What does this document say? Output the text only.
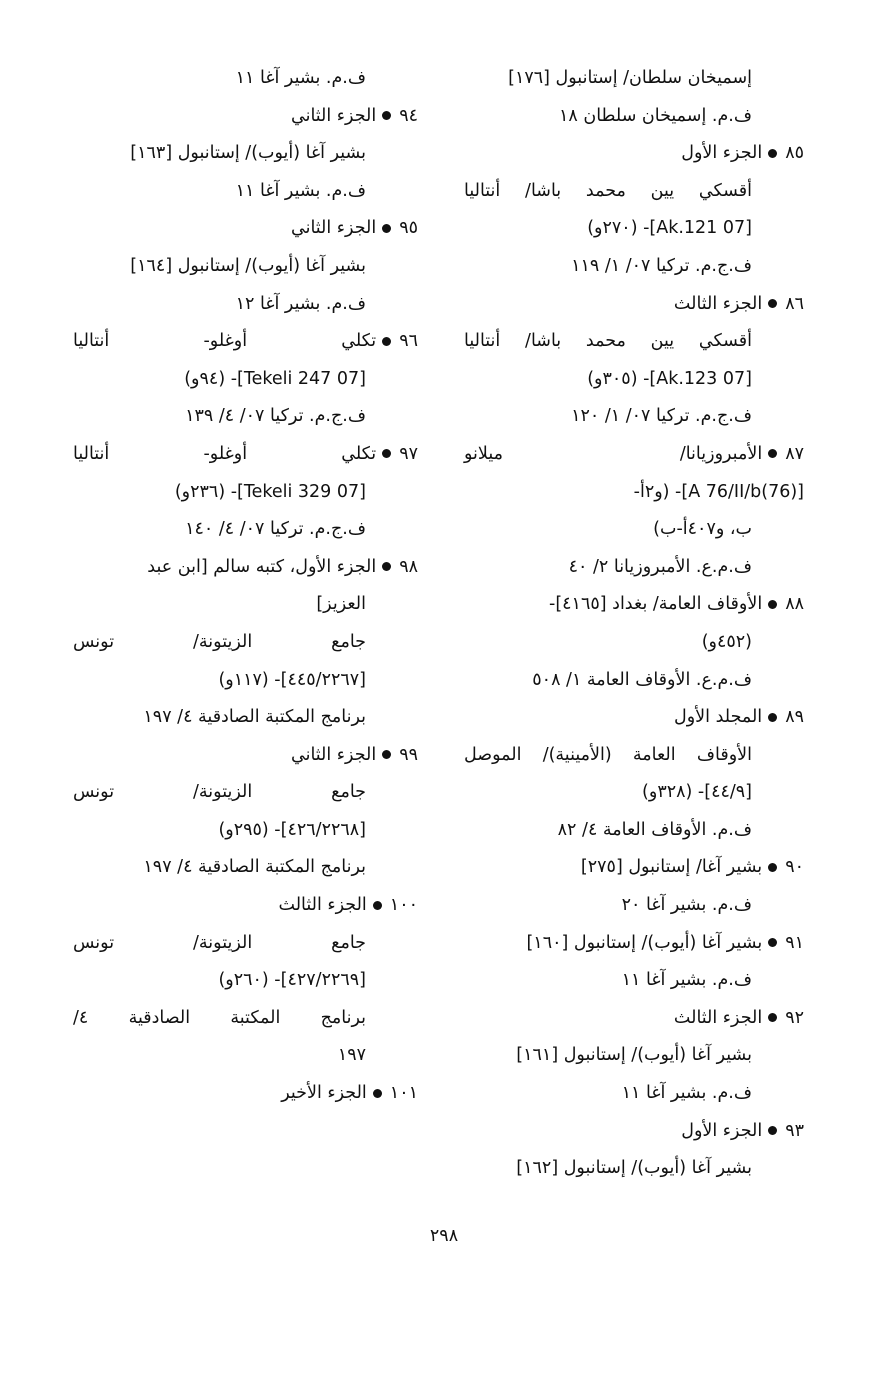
إسميخان سلطان/ إستانبول [١٧٦]
ف.م. إسميخان سلطان ١٨
٨٥الجزء الأول
أقسكي يين محمد باشا/ أنتاليا
[07 Ak.121]- (٢٧٠و)
ف.ج.م. تركيا ٠٧/ ١/ ١١٩
٨٦الجزء الثالث
أقسكي يين محمد باشا/ أنتاليا
[07 Ak.123]- (٣٠٥و)
ف.ج.م. تركيا ٠٧/ ١/ ١٢٠
٨٧الأمبروزيانا/ ميلانو
[(76)A 76/II/b]- (و٢أ-
ب، و٤٠٧أ-ب)
ف.م.ع. الأمبروزيانا ٢/ ٤٠
٨٨الأوقاف العامة/ بغداد [٤١٦٥]-
(٤٥٢و)
ف.م.ع. الأوقاف العامة ١/ ٥٠٨
٨٩المجلد الأول
الأوقاف العامة (الأمينية)/ الموصل
[٤٤/٩]- (٣٢٨و)
ف.م. الأوقاف العامة ٤/ ٨٢
٩٠بشير آغا/ إستانبول [٢٧٥]
ف.م. بشير آغا ٢٠
٩١بشير آغا (أيوب)/ إستانبول [١٦٠]
ف.م. بشير آغا ١١
٩٢الجزء الثالث
بشير آغا (أيوب)/ إستانبول [١٦١]
ف.م. بشير آغا ١١
٩٣الجزء الأول
بشير آغا (أيوب)/ إستانبول [١٦٢]
ف.م. بشير آغا ١١
٩٤الجزء الثاني
بشير آغا (أيوب)/ إستانبول [١٦٣]
ف.م. بشير آغا ١١
٩٥الجزء الثاني
بشير آغا (أيوب)/ إستانبول [١٦٤]
ف.م. بشير آغا ١٢
٩٦تكلي أوغلو- أنتاليا
[07 Tekeli 247]- (٩٤و)
ف.ج.م. تركيا ٠٧/ ٤/ ١٣٩
٩٧تكلي أوغلو- أنتاليا
[07 Tekeli 329]- (٢٣٦و)
ف.ج.م. تركيا ٠٧/ ٤/ ١٤٠
٩٨الجزء الأول، كتبه سالم [ابن عبد
العزيز]
جامع الزيتونة/ تونس
[٤٤٥/٢٢٦٧]- (١١٧و)
برنامج المكتبة الصادقية ٤/ ١٩٧
٩٩الجزء الثاني
جامع الزيتونة/ تونس
[٤٢٦/٢٢٦٨]- (٢٩٥و)
برنامج المكتبة الصادقية ٤/ ١٩٧
١٠٠الجزء الثالث
جامع الزيتونة/ تونس
[٤٢٧/٢٢٦٩]- (٢٦٠و)
برنامج المكتبة الصادقية ٤/
١٩٧
١٠١الجزء الأخير
٢٩٨
